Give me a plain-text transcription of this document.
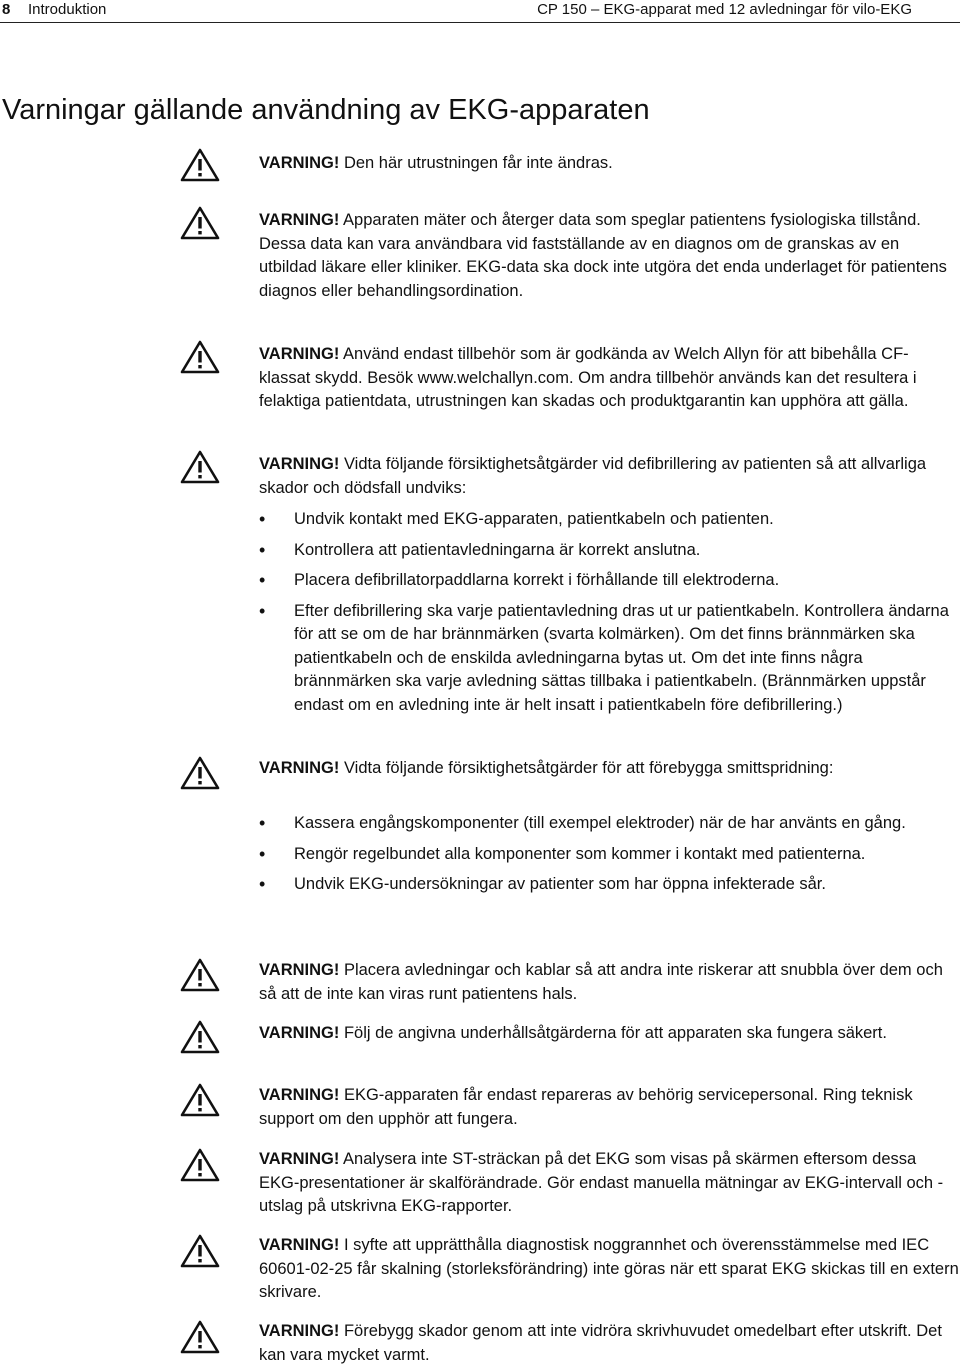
8 Introduktion	CP 150 – EKG-apparat med 12 avledningar för vilo-EKG
Varningar gällande användning av EKG-apparaten

VARNING! Den här utrustningen får inte ändras.

VARNING! Apparaten mäter och återger data som speglar patientens fysiologiska tillstånd. Dessa data kan vara användbara vid fastställande av en diagnos om de granskas av en utbildad läkare eller kliniker. EKG-data ska dock inte utgöra det enda underlaget för patientens diagnos eller behandlingsordination.

VARNING! Använd endast tillbehör som är godkända av Welch Allyn för att bibehålla CF-klassat skydd. Besök www.welchallyn.com. Om andra tillbehör används kan det resultera i felaktiga patientdata, utrustningen kan skadas och produktgarantin kan upphöra att gälla.

VARNING! Vidta följande försiktighetsåtgärder vid defibrillering av patienten så att allvarliga skador och dödsfall undviks:

• Undvik kontakt med EKG-apparaten, patientkabeln och patienten.
• Kontrollera att patientavledningarna är korrekt anslutna.
• Placera defibrillatorpaddlarna korrekt i förhållande till elektroderna.
• Efter defibrillering ska varje patientavledning dras ut ur patientkabeln. Kontrollera ändarna för att se om de har brännmärken (svarta kolmärken). Om det finns brännmärken ska patientkabeln och de enskilda avledningarna bytas ut. Om det inte finns några brännmärken ska varje avledning sättas tillbaka i patientkabeln. (Brännmärken uppstår endast om en avledning inte är helt insatt i patientkabeln före defibrillering.)

VARNING! Vidta följande försiktighetsåtgärder för att förebygga smittspridning:

• Kassera engångskomponenter (till exempel elektroder) när de har använts en gång.
• Rengör regelbundet alla komponenter som kommer i kontakt med patienterna.
• Undvik EKG-undersökningar av patienter som har öppna infekterade sår.

VARNING! Placera avledningar och kablar så att andra inte riskerar att snubbla över dem och så att de inte kan viras runt patientens hals.

VARNING! Följ de angivna underhållsåtgärderna för att apparaten ska fungera säkert.

VARNING! EKG-apparaten får endast repareras av behörig servicepersonal. Ring teknisk support om den upphör att fungera.

VARNING! Analysera inte ST-sträckan på det EKG som visas på skärmen eftersom dessa EKG-presentationer är skalförändrade. Gör endast manuella mätningar av EKG-intervall och -utslag på utskrivna EKG-rapporter.

VARNING! I syfte att upprätthålla diagnostisk noggrannhet och överensstämmelse med IEC 60601-02-25 får skalning (storleksförändring) inte göras när ett sparat EKG skickas till en extern skrivare.

VARNING! Förebygg skador genom att inte vidröra skrivhuvudet omedelbart efter utskrift. Det kan vara mycket varmt.
